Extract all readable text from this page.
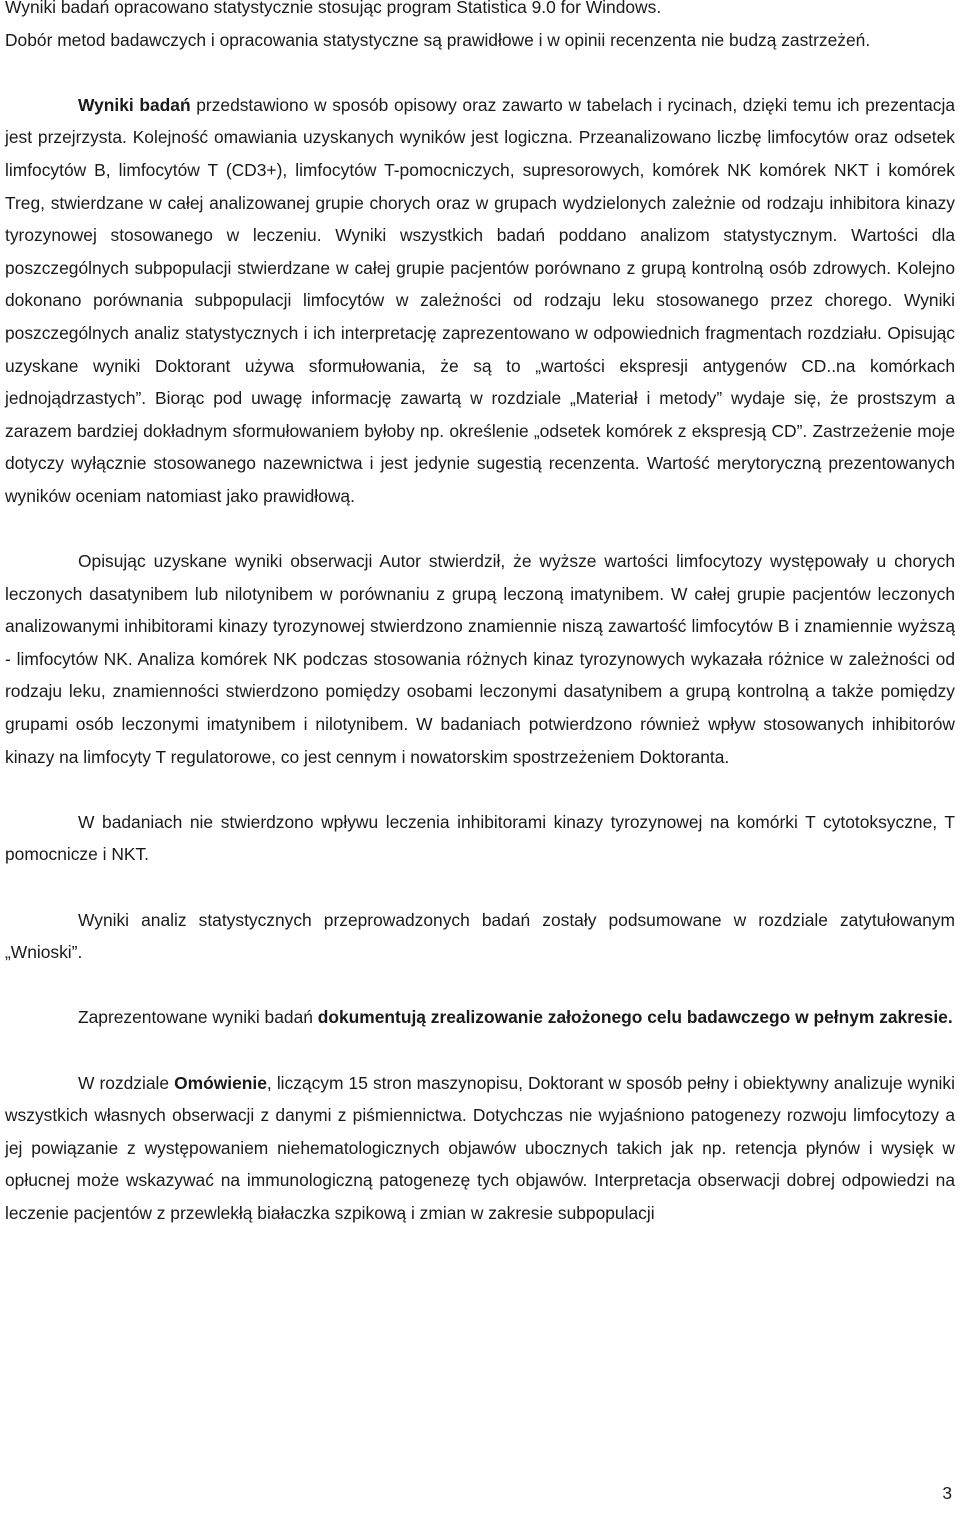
Wyniki badań opracowano statystycznie stosując program Statistica 9.0 for Windows.

Dobór metod badawczych i opracowania statystyczne są prawidłowe i w opinii recenzenta nie budzą zastrzeżeń.

Wyniki badań przedstawiono w sposób opisowy oraz zawarto w tabelach i rycinach, dzięki temu ich prezentacja jest przejrzysta. Kolejność omawiania uzyskanych wyników jest logiczna. Przeanalizowano liczbę limfocytów oraz odsetek limfocytów B, limfocytów T (CD3+), limfocytów T-pomocniczych, supresorowych, komórek NK komórek NKT i komórek Treg, stwierdzane w całej analizowanej grupie chorych oraz w grupach wydzielonych zależnie od rodzaju inhibitora kinazy tyrozynowej stosowanego w leczeniu. Wyniki wszystkich badań poddano analizom statystycznym. Wartości dla poszczególnych subpopulacji stwierdzane w całej grupie pacjentów porównano z grupą kontrolną osób zdrowych. Kolejno dokonano porównania subpopulacji limfocytów w zależności od rodzaju leku stosowanego przez chorego. Wyniki poszczególnych analiz statystycznych i ich interpretację zaprezentowano w odpowiednich fragmentach rozdziału. Opisując uzyskane wyniki Doktorant używa sformułowania, że są to „wartości ekspresji antygenów CD..na komórkach jednojądrzastych”. Biorąc pod uwagę informację zawartą w rozdziale „Materiał i metody” wydaje się, że prostszym a zarazem bardziej dokładnym sformułowaniem byłoby np. określenie „odsetek komórek z ekspresją CD”. Zastrzeżenie moje dotyczy wyłącznie stosowanego nazewnictwa i jest jedynie sugestią recenzenta. Wartość merytoryczną prezentowanych wyników oceniam natomiast jako prawidłową.

Opisując uzyskane wyniki obserwacji Autor stwierdził, że wyższe wartości limfocytozy występowały u chorych leczonych dasatynibem lub nilotynibem w porównaniu z grupą leczoną imatynibem. W całej grupie pacjentów leczonych analizowanymi inhibitorami kinazy tyrozynowej stwierdzono znamiennie niszą zawartość limfocytów B i znamiennie wyższą - limfocytów NK. Analiza komórek NK podczas stosowania różnych kinaz tyrozynowych wykazała różnice w zależności od rodzaju leku, znamienności stwierdzono pomiędzy osobami leczonymi dasatynibem a grupą kontrolną a także pomiędzy grupami osób leczonymi imatynibem i nilotynibem. W badaniach potwierdzono również wpływ stosowanych inhibitorów kinazy na limfocyty T regulatorowe, co jest cennym i nowatorskim spostrzeżeniem Doktoranta.

W badaniach nie stwierdzono wpływu leczenia inhibitorami kinazy tyrozynowej na komórki T cytotoksyczne, T pomocnicze i NKT.

Wyniki analiz statystycznych przeprowadzonych badań zostały podsumowane w rozdziale zatytułowanym „Wnioski”.

Zaprezentowane wyniki badań dokumentują zrealizowanie założonego celu badawczego w pełnym zakresie.

W rozdziale Omówienie, liczącym 15 stron maszynopisu, Doktorant w sposób pełny i obiektywny analizuje wyniki wszystkich własnych obserwacji z danymi z piśmiennictwa. Dotychczas nie wyjaśniono patogenezy rozwoju limfocytozy a jej powiązanie z występowaniem niehematologicznych objawów ubocznych takich jak np. retencja płynów i wysięk w opłucnej może wskazywać na immunologiczną patogenezę tych objawów. Interpretacja obserwacji dobrej odpowiedzi na leczenie pacjentów z przewlekłą białaczka szpikową i zmian w zakresie subpopulacji

3
